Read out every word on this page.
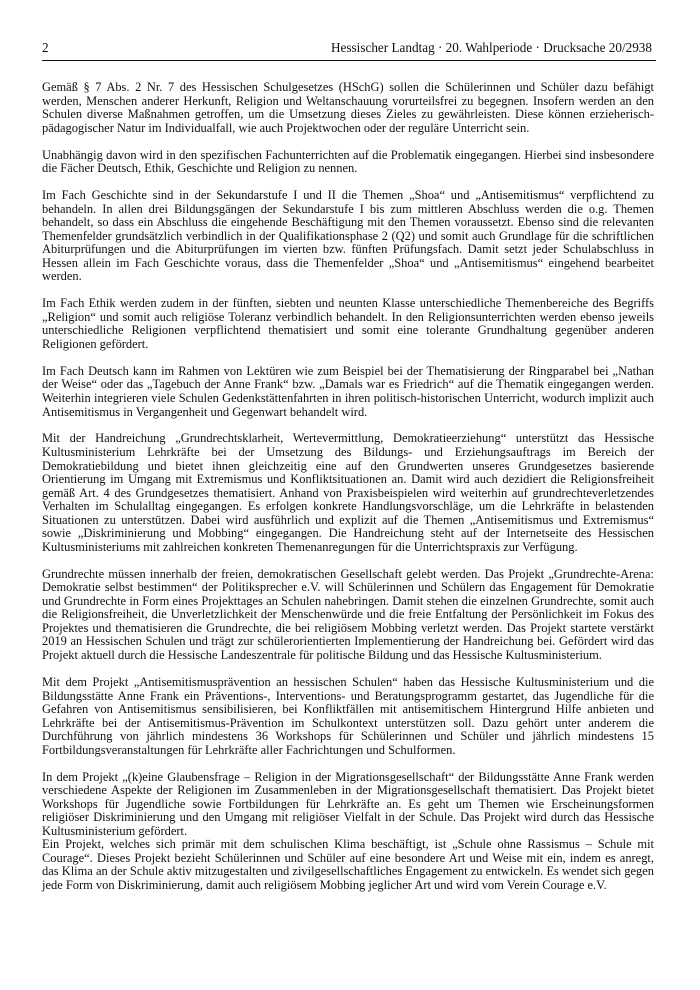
2	Hessischer Landtag · 20. Wahlperiode · Drucksache 20/2938

Gemäß § 7 Abs. 2 Nr. 7 des Hessischen Schulgesetzes (HSchG) sollen die Schülerinnen und Schüler dazu befähigt werden, Menschen anderer Herkunft, Religion und Weltanschauung vorurteilsfrei zu begegnen. Insofern werden an den Schulen diverse Maßnahmen getroffen, um die Umsetzung dieses Zieles zu gewährleisten. Diese können erzieherisch-pädagogischer Natur im Individualfall, wie auch Projektwochen oder der reguläre Unterricht sein.

Unabhängig davon wird in den spezifischen Fachunterrichten auf die Problematik eingegangen. Hierbei sind insbesondere die Fächer Deutsch, Ethik, Geschichte und Religion zu nennen.

Im Fach Geschichte sind in der Sekundarstufe I und II die Themen „Shoa“ und „Antisemitismus“ verpflichtend zu behandeln. In allen drei Bildungsgängen der Sekundarstufe I bis zum mittleren Abschluss werden die o.g. Themen behandelt, so dass ein Abschluss die eingehende Beschäftigung mit den Themen voraussetzt. Ebenso sind die relevanten Themenfelder grundsätzlich verbindlich in der Qualifikationsphase 2 (Q2) und somit auch Grundlage für die schriftlichen Abiturprüfungen und die Abiturprüfungen im vierten bzw. fünften Prüfungsfach. Damit setzt jeder Schulabschluss in Hessen allein im Fach Geschichte voraus, dass die Themenfelder „Shoa“ und „Antisemitismus“ eingehend bearbeitet werden.

Im Fach Ethik werden zudem in der fünften, siebten und neunten Klasse unterschiedliche Themenbereiche des Begriffs „Religion“ und somit auch religiöse Toleranz verbindlich behandelt. In den Religionsunterrichten werden ebenso jeweils unterschiedliche Religionen verpflichtend thematisiert und somit eine tolerante Grundhaltung gegenüber anderen Religionen gefördert.

Im Fach Deutsch kann im Rahmen von Lektüren wie zum Beispiel bei der Thematisierung der Ringparabel bei „Nathan der Weise“ oder das „Tagebuch der Anne Frank“ bzw. „Damals war es Friedrich“ auf die Thematik eingegangen werden. Weiterhin integrieren viele Schulen Gedenkstättenfahrten in ihren politisch-historischen Unterricht, wodurch implizit auch Antisemitismus in Vergangenheit und Gegenwart behandelt wird.

Mit der Handreichung „Grundrechtsklarheit, Wertevermittlung, Demokratieerziehung“ unterstützt das Hessische Kultusministerium Lehrkräfte bei der Umsetzung des Bildungs- und Erziehungsauftrags im Bereich der Demokratiebildung und bietet ihnen gleichzeitig eine auf den Grundwerten unseres Grundgesetzes basierende Orientierung im Umgang mit Extremismus und Konfliktsituationen an. Damit wird auch dezidiert die Religionsfreiheit gemäß Art. 4 des Grundgesetzes thematisiert. Anhand von Praxisbeispielen wird weiterhin auf grundrechteverletzendes Verhalten im Schulalltag eingegangen. Es erfolgen konkrete Handlungsvorschläge, um die Lehrkräfte in belastenden Situationen zu unterstützen. Dabei wird ausführlich und explizit auf die Themen „Antisemitismus und Extremismus“ sowie „Diskriminierung und Mobbing“ eingegangen. Die Handreichung steht auf der Internetseite des Hessischen Kultusministeriums mit zahlreichen konkreten Themenanregungen für die Unterrichtspraxis zur Verfügung.

Grundrechte müssen innerhalb der freien, demokratischen Gesellschaft gelebt werden. Das Projekt „Grundrechte-Arena: Demokratie selbst bestimmen“ der Politiksprecher e.V. will Schülerinnen und Schülern das Engagement für Demokratie und Grundrechte in Form eines Projekttages an Schulen nahebringen. Damit stehen die einzelnen Grundrechte, somit auch die Religionsfreiheit, die Unverletzlichkeit der Menschenwürde und die freie Entfaltung der Persönlichkeit im Fokus des Projektes und thematisieren die Grundrechte, die bei religiösem Mobbing verletzt werden. Das Projekt startete verstärkt 2019 an Hessischen Schulen und trägt zur schülerorientierten Implementierung der Handreichung bei. Gefördert wird das Projekt aktuell durch die Hessische Landeszentrale für politische Bildung und das Hessische Kultusministerium.

Mit dem Projekt „Antisemitismusprävention an hessischen Schulen“ haben das Hessische Kultusministerium und die Bildungsstätte Anne Frank ein Präventions-, Interventions- und Beratungsprogramm gestartet, das Jugendliche für die Gefahren von Antisemitismus sensibilisieren, bei Konfliktfällen mit antisemitischem Hintergrund Hilfe anbieten und Lehrkräfte bei der Antisemitismus-Prävention im Schulkontext unterstützen soll. Dazu gehört unter anderem die Durchführung von jährlich mindestens 36 Workshops für Schülerinnen und Schüler und jährlich mindestens 15 Fortbildungsveranstaltungen für Lehrkräfte aller Fachrichtungen und Schulformen.

In dem Projekt „(k)eine Glaubensfrage – Religion in der Migrationsgesellschaft“ der Bildungsstätte Anne Frank werden verschiedene Aspekte der Religionen im Zusammenleben in der Migrationsgesellschaft thematisiert. Das Projekt bietet Workshops für Jugendliche sowie Fortbildungen für Lehrkräfte an. Es geht um Themen wie Erscheinungsformen religiöser Diskriminierung und den Umgang mit religiöser Vielfalt in der Schule. Das Projekt wird durch das Hessische Kultusministerium gefördert.

Ein Projekt, welches sich primär mit dem schulischen Klima beschäftigt, ist „Schule ohne Rassismus – Schule mit Courage“. Dieses Projekt bezieht Schülerinnen und Schüler auf eine besondere Art und Weise mit ein, indem es anregt, das Klima an der Schule aktiv mitzugestalten und zivilgesellschaftliches Engagement zu entwickeln. Es wendet sich gegen jede Form von Diskriminierung, damit auch religiösem Mobbing jeglicher Art und wird vom Verein Courage e.V.
